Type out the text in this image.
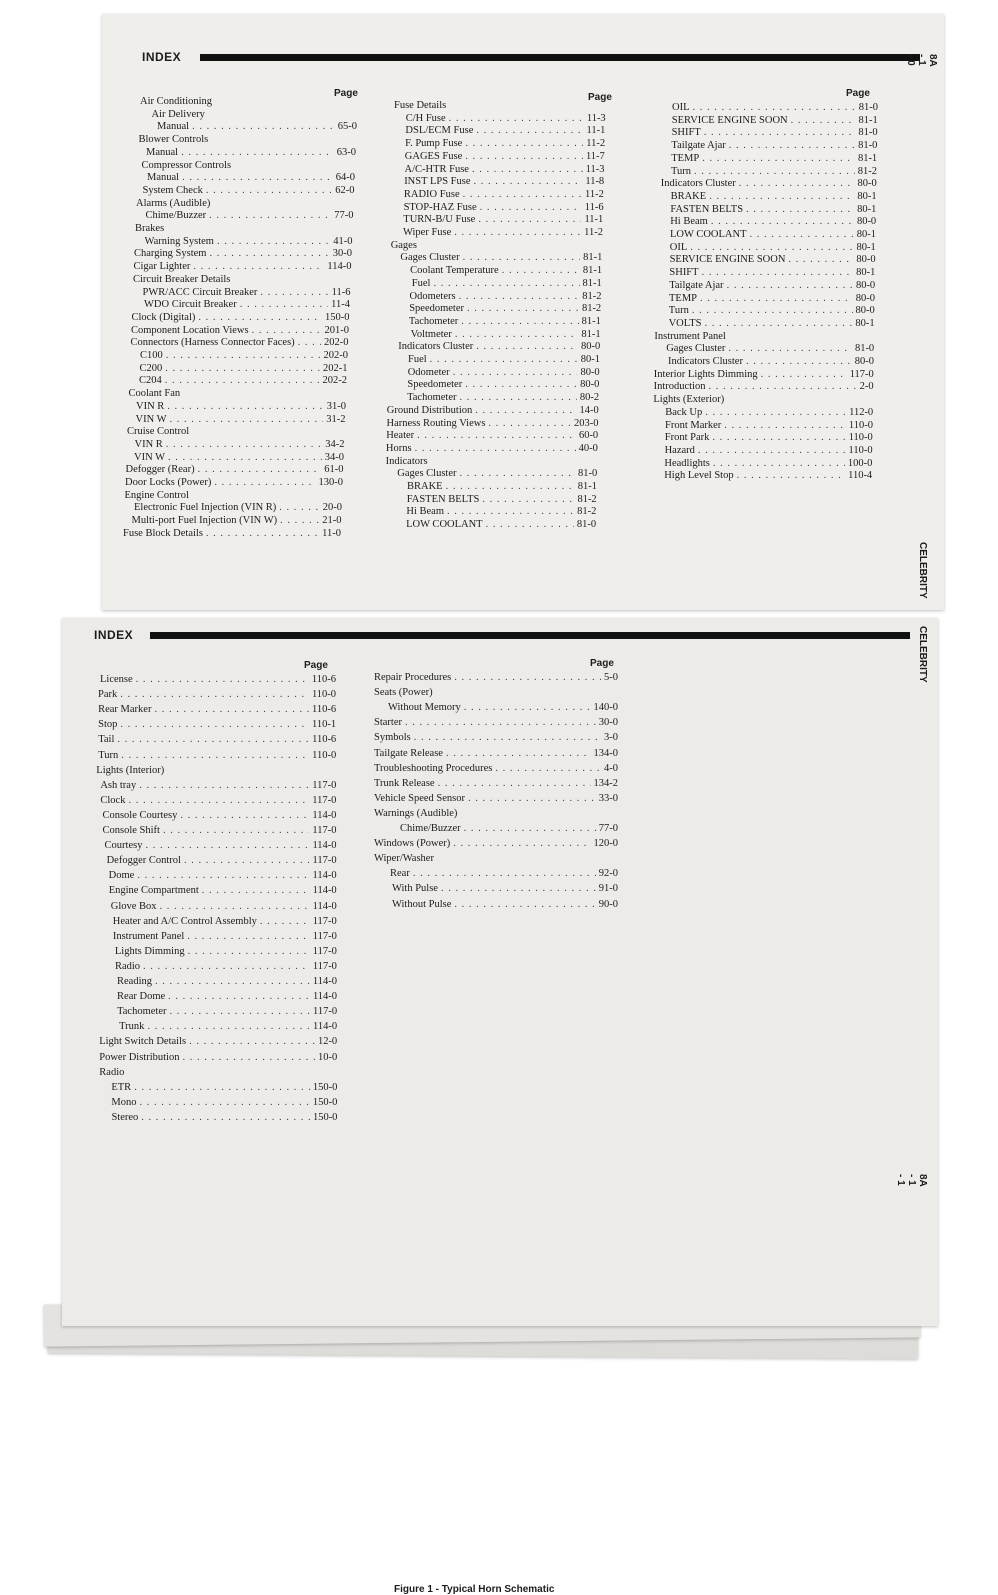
INDEX	8A - 1 - 0
CELEBRITY
Page	Page	Page
Air Conditioning
Air Delivery
Manual . . .	65-0
Blower Controls
Manual . . .	63-0
Compressor Controls
Manual . . .	64-0
System Check . . .	62-0
Alarms (Audible)
Chime/Buzzer . . .	77-0
Brakes
Warning System . . .	41-0
Charging System . . .	30-0
Cigar Lighter . . .	114-0
Circuit Breaker Details
PWR/ACC Circuit Breaker . . .	11-6
WDO Circuit Breaker . . .	11-4
Clock (Digital) . . .	150-0
Component Location Views . . .	201-0
Connectors (Harness Connector Faces) . . .	202-0
C100 . . .	202-0
C200 . . .	202-1
C204 . . .	202-2
Coolant Fan
VIN R . . .	31-0
VIN W . . .	31-2
Cruise Control
VIN R . . .	34-2
VIN W . . .	34-0
Defogger (Rear) . . .	61-0
Door Locks (Power) . . .	130-0
Engine Control
Electronic Fuel Injection (VIN R) . . .	20-0
Multi-port Fuel Injection (VIN W) . . .	21-0
Fuse Block Details . . .	11-0
Fuse Details
C/H Fuse . . .	11-3
DSL/ECM Fuse . . .	11-1
F. Pump Fuse . . .	11-2
GAGES Fuse . . .	11-7
A/C-HTR Fuse . . .	11-3
INST LPS Fuse . . .	11-8
RADIO Fuse . . .	11-2
STOP-HAZ Fuse . . .	11-6
TURN-B/U Fuse . . .	11-1
Wiper Fuse . . .	11-2
Gages
Gages Cluster . . .	81-1
Coolant Temperature . . .	81-1
Fuel . . .	81-1
Odometers . . .	81-2
Speedometer . . .	81-2
Tachometer . . .	81-1
Voltmeter . . .	81-1
Indicators Cluster . . .	80-0
Fuel . . .	80-1
Odometer . . .	80-0
Speedometer . . .	80-0
Tachometer . . .	80-2
Ground Distribution . . .	14-0
Harness Routing Views . . .	203-0
Heater . . .	60-0
Horns . . .	40-0
Indicators
Gages Cluster . . .	81-0
BRAKE . . .	81-1
FASTEN BELTS . . .	81-2
Hi Beam . . .	81-2
LOW COOLANT . . .	81-0
OIL . . .	81-0
SERVICE ENGINE SOON . . .	81-1
SHIFT . . .	81-0
Tailgate Ajar . . .	81-0
TEMP . . .	81-1
Turn . . .	81-2
Indicators Cluster . . .	80-0
BRAKE . . .	80-1
FASTEN BELTS . . .	80-1
Hi Beam . . .	80-0
LOW COOLANT . . .	80-1
OIL . . .	80-1
SERVICE ENGINE SOON . . .	80-0
SHIFT . . .	80-1
Tailgate Ajar . . .	80-0
TEMP . . .	80-0
Turn . . .	80-0
VOLTS . . .	80-1
Instrument Panel
Gages Cluster . . .	81-0
Indicators Cluster . . .	80-0
Interior Lights Dimming . . .	117-0
Introduction . . .	2-0
Lights (Exterior)
Back Up . . .	112-0
Front Marker . . .	110-0
Front Park . . .	110-0
Hazard . . .	110-0
Headlights . . .	100-0
High Level Stop . . .	110-4
INDEX	CELEBRITY
8A - 1 - 1
Page	Page
Figure 1 - Typical Horn Schematic
License . . .	110-6
Park . . .	110-0
Rear Marker . . .	110-6
Stop . . .	110-1
Tail . . .	110-6
Turn . . .	110-0
Lights (Interior)
Ash tray . . .	117-0
Clock . . .	117-0
Console Courtesy . . .	114-0
Console Shift . . .	117-0
Courtesy . . .	114-0
Defogger Control . . .	117-0
Dome . . .	114-0
Engine Compartment . . .	114-0
Glove Box . . .	114-0
Heater and A/C Control Assembly . . .	117-0
Instrument Panel . . .	117-0
Lights Dimming . . .	117-0
Radio . . .	117-0
Reading . . .	114-0
Rear Dome . . .	114-0
Tachometer . . .	117-0
Trunk . . .	114-0
Light Switch Details . . .	12-0
Power Distribution . . .	10-0
Radio
ETR . . .	150-0
Mono . . .	150-0
Stereo . . .	150-0
Repair Procedures . . .	5-0
Seats (Power)
Without Memory . . .	140-0
Starter . . .	30-0
Symbols . . .	3-0
Tailgate Release . . .	134-0
Troubleshooting Procedures . . .	4-0
Trunk Release . . .	134-2
Vehicle Speed Sensor . . .	33-0
Warnings (Audible)
Chime/Buzzer . . .	77-0
Windows (Power) . . .	120-0
Wiper/Washer
Rear . . .	92-0
With Pulse . . .	91-0
Without Pulse . . .	90-0
